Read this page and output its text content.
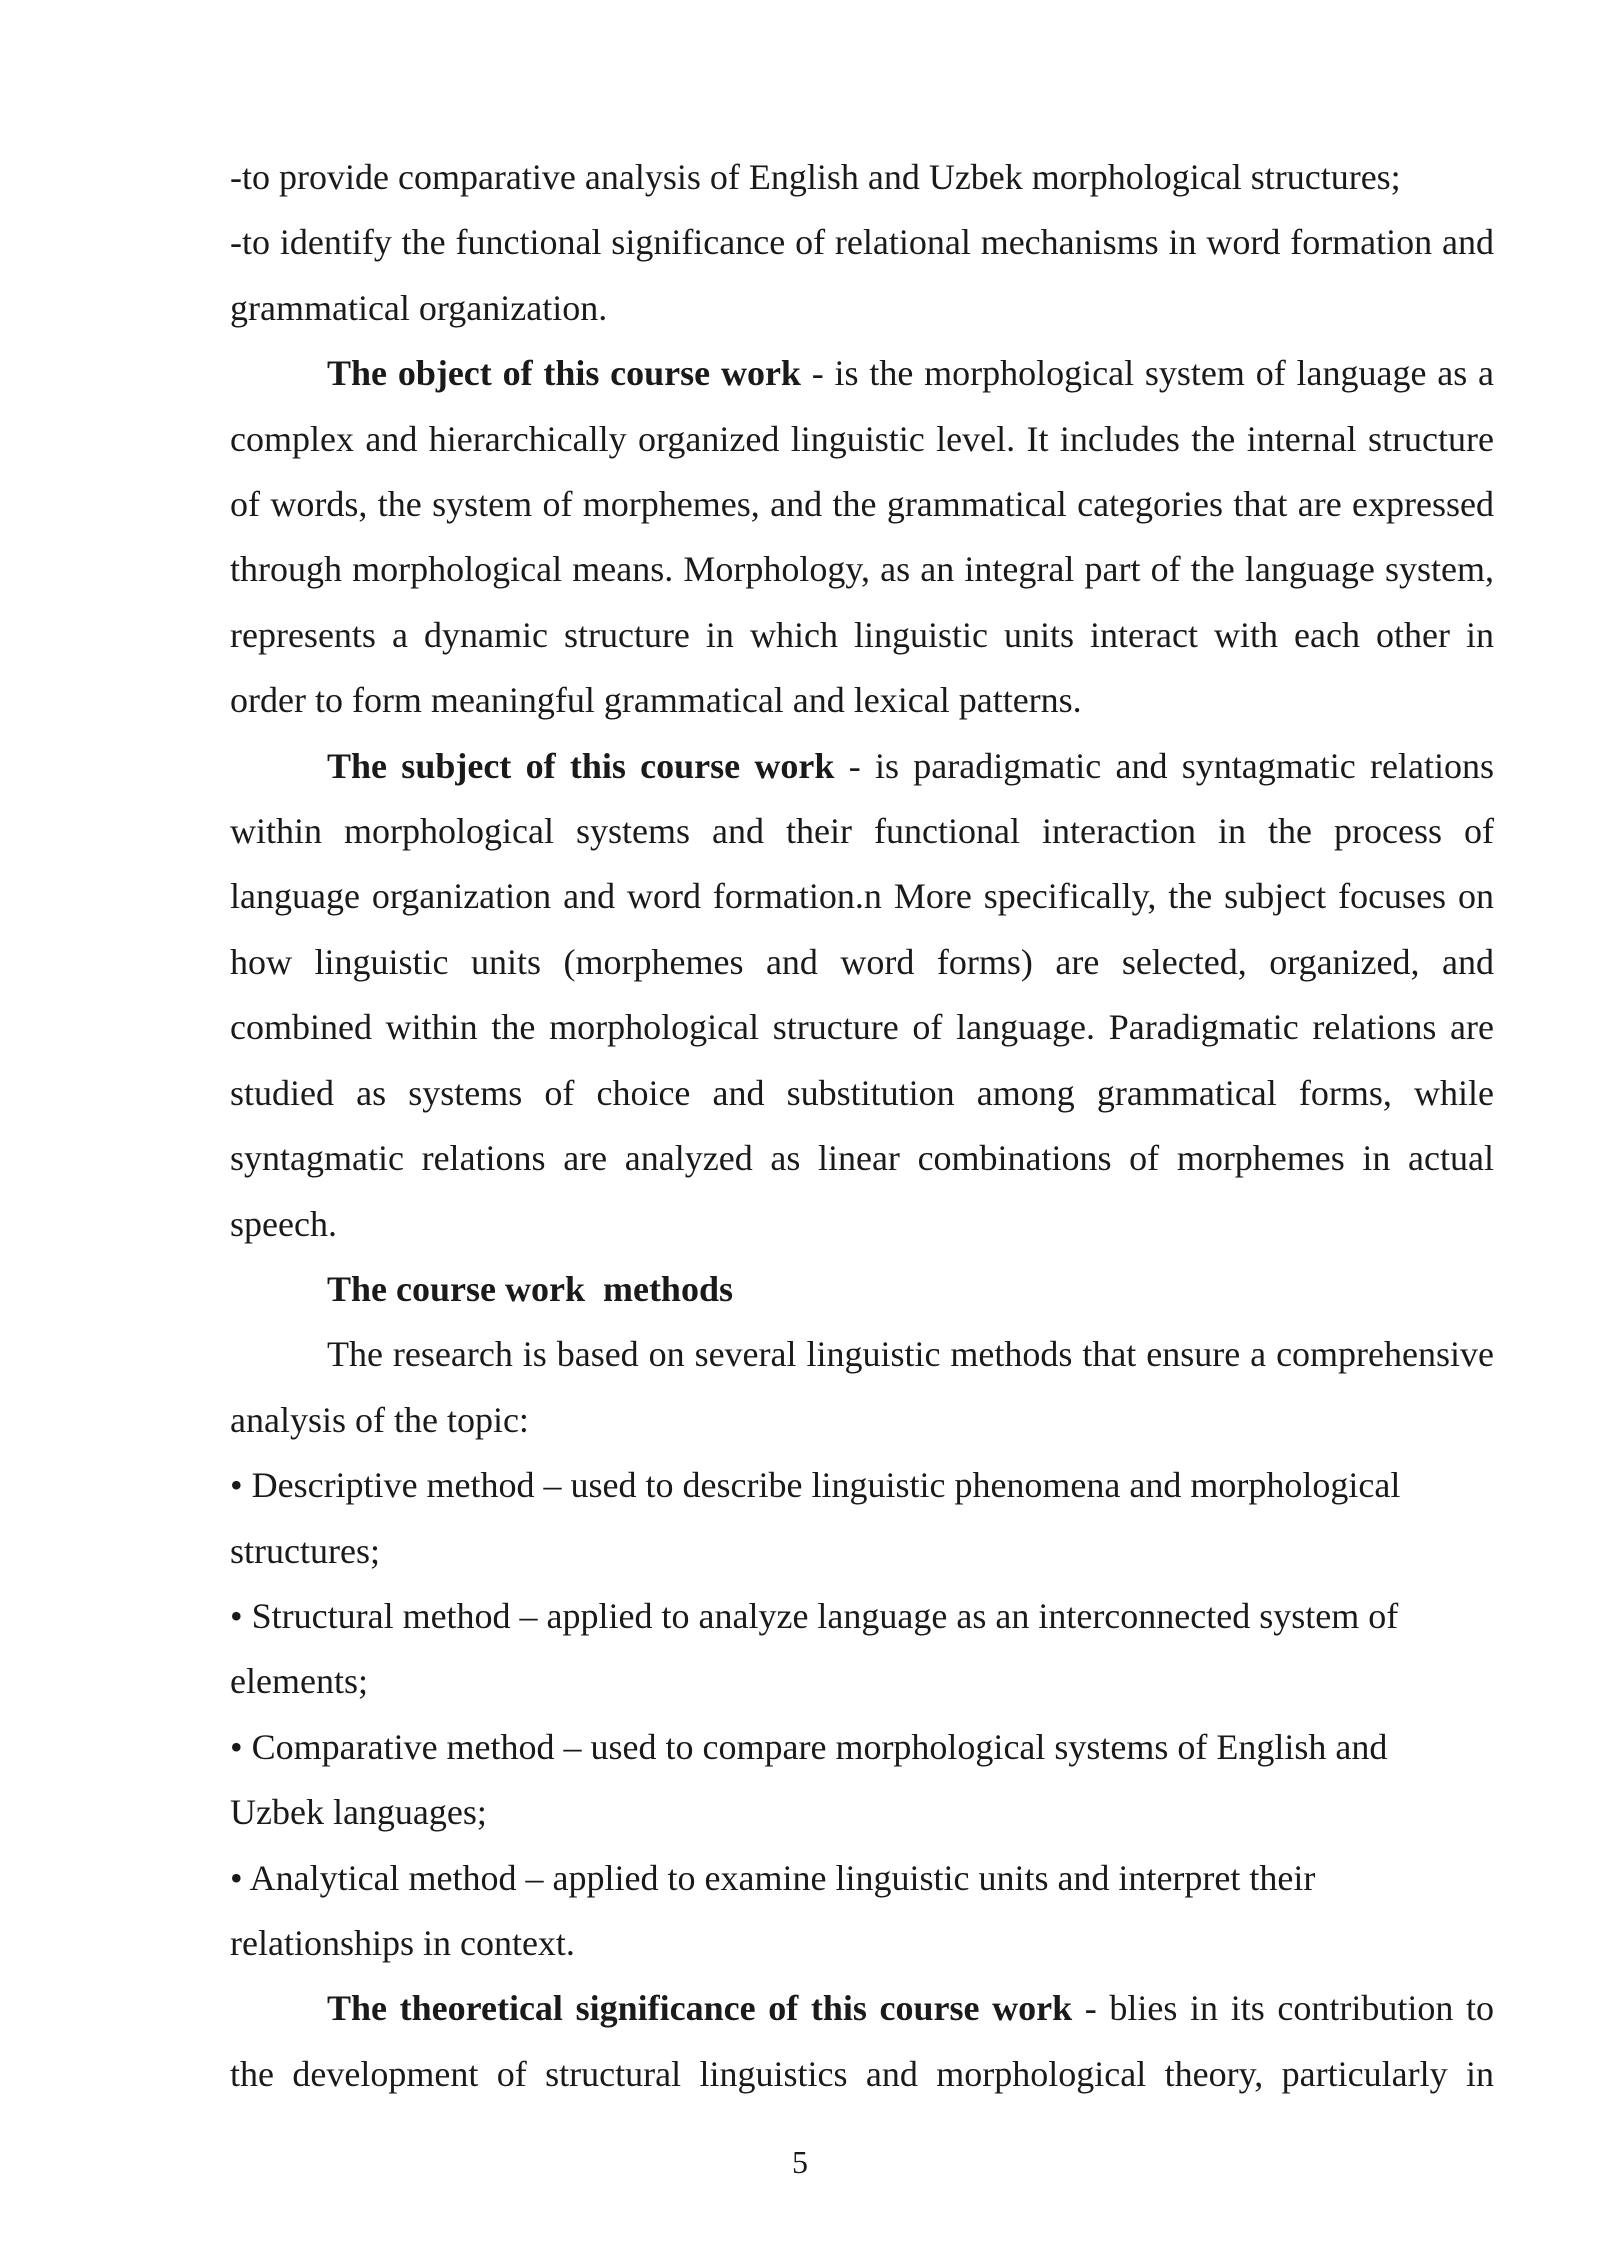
-to provide comparative analysis of English and Uzbek morphological structures;

-to identify the functional significance of relational mechanisms in word formation and grammatical organization.

The object of this course work - is the morphological system of language as a complex and hierarchically organized linguistic level. It includes the internal structure of words, the system of morphemes, and the grammatical categories that are expressed through morphological means. Morphology, as an integral part of the language system, represents a dynamic structure in which linguistic units interact with each other in order to form meaningful grammatical and lexical patterns.

The subject of this course work - is paradigmatic and syntagmatic relations within morphological systems and their functional interaction in the process of language organization and word formation.n More specifically, the subject focuses on how linguistic units (morphemes and word forms) are selected, organized, and combined within the morphological structure of language. Paradigmatic relations are studied as systems of choice and substitution among grammatical forms, while syntagmatic relations are analyzed as linear combinations of morphemes in actual speech.

The course work  methods

The research is based on several linguistic methods that ensure a comprehensive analysis of the topic:

• Descriptive method – used to describe linguistic phenomena and morphological structures;

• Structural method – applied to analyze language as an interconnected system of elements;

• Comparative method – used to compare morphological systems of English and Uzbek languages;

• Analytical method – applied to examine linguistic units and interpret their relationships in context.

The theoretical significance of this course work - blies in its contribution to the development of structural linguistics and morphological theory, particularly in

5
